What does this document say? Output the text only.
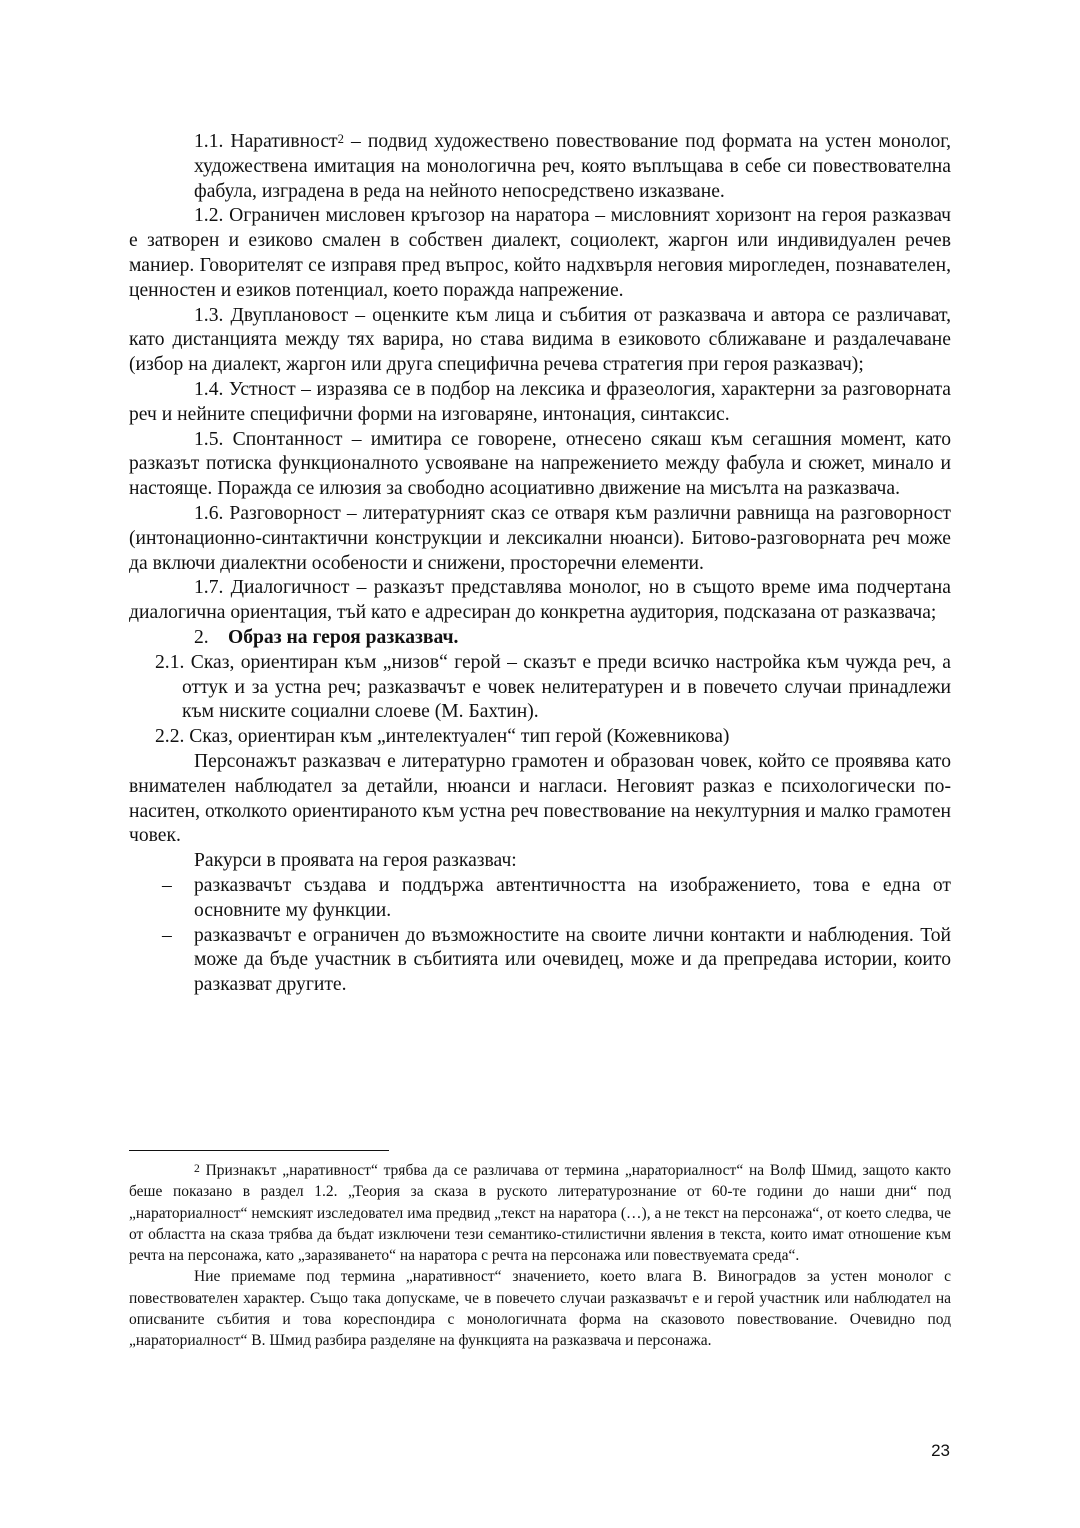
1.1. Наративност$^2$ – подвид художествено повествование под формата на устен монолог, художествена имитация на монологична реч, която въплъщава в себе си повествователна фабула, изградена в реда на нейното непосредствено изказване.

1.2. Ограничен мисловен кръгозор на наратора – мисловният хоризонт на героя разказвач е затворен и езиково смален в собствен диалект, социолект, жаргон или индивидуален речев маниер. Говорителят се изправя пред въпрос, който надхвърля неговия мирогледен, познавателен, ценностен и езиков потенциал, което поражда напрежение.

1.3. Двуплановост – оценките към лица и събития от разказвача и автора се различават, като дистанцията между тях варира, но става видима в езиковото сближаване и раздалечаване (избор на диалект, жаргон или друга специфична речева стратегия при героя разказвач);

1.4. Устност – изразява се в подбор на лексика и фразеология, характерни за разговорната реч и нейните специфични форми на изговаряне, интонация, синтаксис.

1.5. Спонтанност – имитира се говорене, отнесено сякаш към сегашния момент, като разказът потиска функционалното усвояване на напрежението между фабула и сюжет, минало и настояще. Поражда се илюзия за свободно асоциативно движение на мисълта на разказвача.

1.6. Разговорност – литературният сказ се отваря към различни равнища на разговорност (интонационно-синтактични конструкции и лексикални нюанси). Битово-разговорната реч може да включи диалектни особености и снижени, просторечни елементи.

1.7. Диалогичност – разказът представлява монолог, но в същото време има подчертана диалогична ориентация, тъй като е адресиран до конкретна аудитория, подсказана от разказвача;

2. Образ на героя разказвач.

2.1. Сказ, ориентиран към „низов“ герой – сказът е преди всичко настройка към чужда реч, а оттук и за устна реч; разказвачът е човек нелитературен и в повечето случаи принадлежи към ниските социални слоеве (М. Бахтин).

2.2. Сказ, ориентиран към „интелектуален“ тип герой (Кожевникова)

Персонажът разказвач е литературно грамотен и образован човек, който се проявява като внимателен наблюдател за детайли, нюанси и нагласи. Неговият разказ е психологически по-наситен, отколкото ориентираното към устна реч повествование на некултурния и малко грамотен човек.

Ракурси в проявата на героя разказвач:

– разказвачът създава и поддържа автентичността на изображението, това е една от основните му функции.

– разказвачът е ограничен до възможностите на своите лични контакти и наблюдения. Той може да бъде участник в събитията или очевидец, може и да препредава истории, които разказват другите.

$^2$ Признакът „наративност“ трябва да се различава от термина „нараториалност“ на Волф Шмид, защото както беше показано в раздел 1.2. „Теория за сказа в руското литературознание от 60-те години до наши дни“ под „нараториалност“ немският изследовател има предвид „текст на наратора (…), а не текст на персонажа“, от което следва, че от областта на сказа трябва да бъдат изключени тези семантико-стилистични явления в текста, които имат отношение към речта на персонажа, като „заразяването“ на наратора с речта на персонажа или повествуемата среда“.

Ние приемаме под термина „наративност“ значението, което влага В. Виноградов за устен монолог с повествователен характер. Също така допускаме, че в повечето случаи разказвачът е и герой участник или наблюдател на описваните събития и това кореспондира с монологичната форма на сказовото повествование. Очевидно под „нараториалност“ В. Шмид разбира разделяне на функцията на разказвача и персонажа.

23
